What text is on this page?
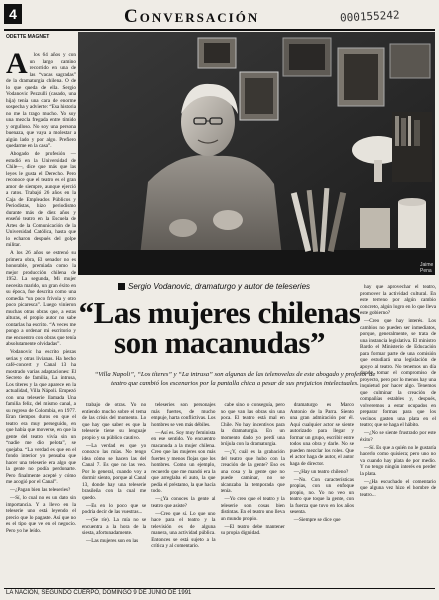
4	Conversación	000155242
ODETTE MAGNET
A	los 64 años y con un largo camino recorrido en una de las “vacas sagradas” de la dramaturgia chilena. O de lo que queda de ella. Sergio Vodanovic Pezzulli (casado, una hija) tenía una cara de enorme sospecha y advierte: “Esa historia no me la trago mucho. Yo soy una mezcla fregada entre tímido y orgulloso. No soy una persona buenaza, que vaya a molestar a algún lado y por algo. Prefiero quedarme en la casa”.

Abogado de profesión —estudió en la Universidad de Chile—, dice que más que las leyes le gusta el Derecho. Pero reconoce que el teatro es el gran amor de siempre, aunque ejerció a ratos. Trabajó 26 años en la Caja de Empleados Públicos y Periodistas, hizo periodismo durante más de diez años y enseñó teatro en la Escuela de Artes de la Comunicación de la Universidad Católica, hasta que lo echaron después del golpe militar.

A los 26 años se estrenó su primera obra, El senador no es honorable, premiada como la mejor producción chilena de 1952. La segunda, Mi mujer necesita marido, un gran éxito en su época, fue descrita como una comedia “un poco frívola y otro poco picaresca”. Luego vinieron muchas otras obras que, a estas alturas, el propio autor no sabe contarlas ha escrito. “A veces me pongo a ordenar mi escritorio y me encuentro con obras que tenía absolutamente olvidadas”.

Vodanovic ha escrito piezas serias y otras livianas. Ha hecho café-concert y Canal 13 ha mostrado varias adaptaciones: El Secreto de familia, La intrusa, Los títeres y la que aparece en la actualidad, Villa Nápoli. Empezó con una teleserie llamada Una familia feliz, del mismo canal, a su regreso de Colombia, en 1977. Eran tiempos duros en que el teatro era muy perseguido, en que había que moverse, en que la gente del teatro vivía sin un “nadie me dio pelota”, se quejaba. “La verdad es que en el fondo interior yo pensaba que hacer una teleserie era algo que la gente no podía perdonarte. Pero finalmente acepté y cómo me acogió por el Canal”.

—¿Pagan bien las teleseries?

—Sí, lo cual no es un dato sin importancia. Y a llevo en la teleserie uno está leyendo el precio que lo pagaste. Así que no es el tipo que ve en el negocio. Pero yo he leído.

Jaime Pena
Sergio Vodanovic, dramaturgo y autor de teleseries
“Las mujeres chilenas
son macanudas”
“Villa Napoli”, “Los títeres” y “La intrusa” son algunas de las telenovelas de este abogado y profesor de teatro que cambió los escenarios por la pantalla chica a pesar de sus prejuicios intelectuales.

hay que aprovechar el teatro, promover la actividad cultural. En este terreno por algún cambio concreto, algún logro en lo que lleva este gobierno?

—Creo que hay interés. Los cambios no pueden ser inmediatos, porque, generalmente, se trata de una instancia legislativa. El ministro Bardo el Ministerio de Educación para formar parte de una comisión que estudiará una legislación de apoyo al teatro. No tenemos un día donde tomar el compromiso de proyecto, pero por lo menos hay una inquietud por hacer algo. Tenemos que culminar la creación de compañías estables y, después, volveremos a estar ocupados en preparar formas para que los vecinos gasten una plata en el teatro; que se haga el hábito.

—¿No se siente frustrado por este éxito?

—Sí. Es que a quién no le gustaría hacerlo como quisiera; pero uno no va cuando hay plata de por medio. Y no tengo ningún interés en perder la plata.

—¿Ha escuchado el comentario que alguna vez hizo el hombre de teatro...

trabajo de otras. Yo no entiendo mucho sobre el tema de las crisis del momento. Lo que hay que saber es que la teleserie tiene su lenguaje propio y su público cautivo.

—La verdad es que yo conozco las mías. No tengo idea cómo se hacen las del Canal 7. Es que no las veo. Por lo general, cuando voy a dormir siento, porque al Canal 13, donde hay una teleserie brasileña con la cual me quedo.

—Es en lo poco que se podría decir de las vuestras...

—(Se ríe). La mía no se encuentra a la hora de la siesta, afortunadamente.

—Las mujeres son en las

teleseries son personajes más fuertes, de mucho empuje, harta conflictivas. Los hombres se ven más débiles.

—Así es. Soy muy feminista en ese sentido. Yo encuentro macanuda a la mujer chilena. Creo que las mujeres son más fuertes y menos flojas que los hombres. Como un ejemplo, recuerdo que me mandó era la que arreglaba el auto, la que pedía el préstamo, la que hacía todo.

—¿Ya conoces la gente al teatro que asiste?

—Creo que sí. Lo que uno hace para el teatro y la televisión es de alguna manera, una actividad pública. Entonces se está sujeto a la crítica y al comentario.

cabe sino o conseguía, pero no que van las obras sin una poca. El teatro está mal en Chile. No hay incentivos para la dramaturgia. En un momento dado yo perdí una brújula con la dramaturgia.

—¿Y, cuál es la grabación del teatro que hubo con la creación de la gente? Eso es una cosa y la gente que no puede caminar, no se alcanzaba la temporada que tenía.

—Yo creo que el teatro y la teleserie son cosas bien distintas. En el teatro uno lleva un mundo propio.

—El teatro debe mantener su propia dignidad.

dramaturgo es Marco Antonio de la Parra. Siento una gran admiración por él. Aquí cualquier actor se siente autorizado para llegar y formar un grupo, escribir entre todos una obra y darle. No se pueden mezclar los roles. Que el actor haga de autor, el autor haga de director.

—¿Hay un teatro chileno?

—No. Con características propias, con un enfoque propio, no. Yo no veo un teatro que toque la gente, con la fuerza que tuvo en los años sesenta.

—Siempre se dice que

LA NACION, SEGUNDO CUERPO, DOMINGO 9 DE JUNIO DE 1991
